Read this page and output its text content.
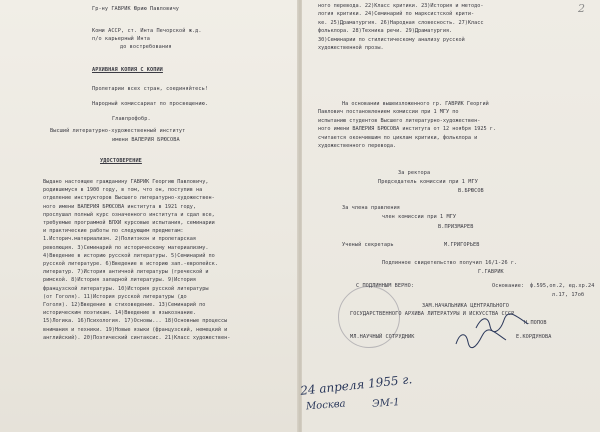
Гр-ну ГАВРИК Юрию Павловичу
Коми АССР, ст. Инта Печорской ж.д.
п/о карьерный Инта
до востребования
АРХИВНАЯ КОПИЯ С КОПИИ
Пролетарии всех стран, соединяйтесь!
Народный комиссариат по просвещению.
Главпрофобр.
Высший литературно-художественный институт
имени ВАЛЕРИЯ БРЮСОВА
УДОСТОВЕРЕНИЕ
Выдано настоящее гражданину ГАВРИК Георгию Павловичу,
родившемуся в 1900 году, в том, что он, поступив на
отделение инструкторов Высшего литературно-художествен-
ного имени ВАЛЕРИЯ БРЮСОВА института в 1921 году,
прослушал полный курс означенного института и сдал все,
требуемые программой ВЛХИ курсовые испытания, семинарии
и практические работы по следующим предметам:
1.Историч.материализм. 2)Политэкон и пролетарская
революция. 3)Семинарий по историческому материализму.
4)Введение в историю русской литературы. 5)Семинарий по
русской литературе. 6)Введение в историю зап.-европейск.
литератур. 7)История античной литературы (греческой и
римской. 8)История западной литературы. 9)История
французской литературы. 10)История русской литературы
(от Гоголя). 11)История русской литературы (до
Гоголя). 12)Введение в стиховедение. 13)Семинарий по
историческим поэтикам. 14)Введение в языкознание.
15)Логика. 16)Психология. 17)Основы... 18)Основные процессы
внимания и техники. 19)Новые языки (французский, немецкий и
английский). 20)Поэтический синтаксис. 21)Класс художествен-
2
ного перевода. 22)Класс критики. 23)История и методо-
логия критики. 24)Семинарий по марксистской крити-
ке. 25)Драматургия. 26)Народная словесность. 27)Класс
фольклора. 28)Техника речи. 29)Драматургия.
30)Семинарии по стилистическому анализу русской
художественной прозы.
На основании вышеизложенного гр. ГАВРИК Георгий
Павлович постановлением комиссии при 1 МГУ по
испытанию студентов Высшего литературно-художествен-
ного имени ВАЛЕРИЯ БРЮСОВА института от 12 ноября 1925 г.
считается окончившим по циклам критики, фольклора и
художественного перевода.
За ректора
Председатель комиссии при 1 МГУ
В.БРЮСОВ
За члена правления
член комиссии при 1 МГУ
В.ПРИЗМАРЕВ
Ученый секретарь	М.ГРИГОРЬЕВ
Подлинное свидетельство получил 16/1-26 г.
Г.ГАВРИК
С ПОДЛИННЫМ ВЕРНО:	Основание: ф.595,оп.2, ед.хр.24
л.17, 17об
ЗАМ.НАЧАЛЬНИКА ЦЕНТРАЛЬНОГО
ГОСУДАРСТВЕННОГО АРХИВА ЛИТЕРАТУРЫ И ИСКУССТВА СССР
Н.ПОПОВ
МЛ.НАУЧНЫЙ СОТРУДНИК	Е.КОРДУНОВА
24 апреля 1955 г.
Москва	ЭМ-1
